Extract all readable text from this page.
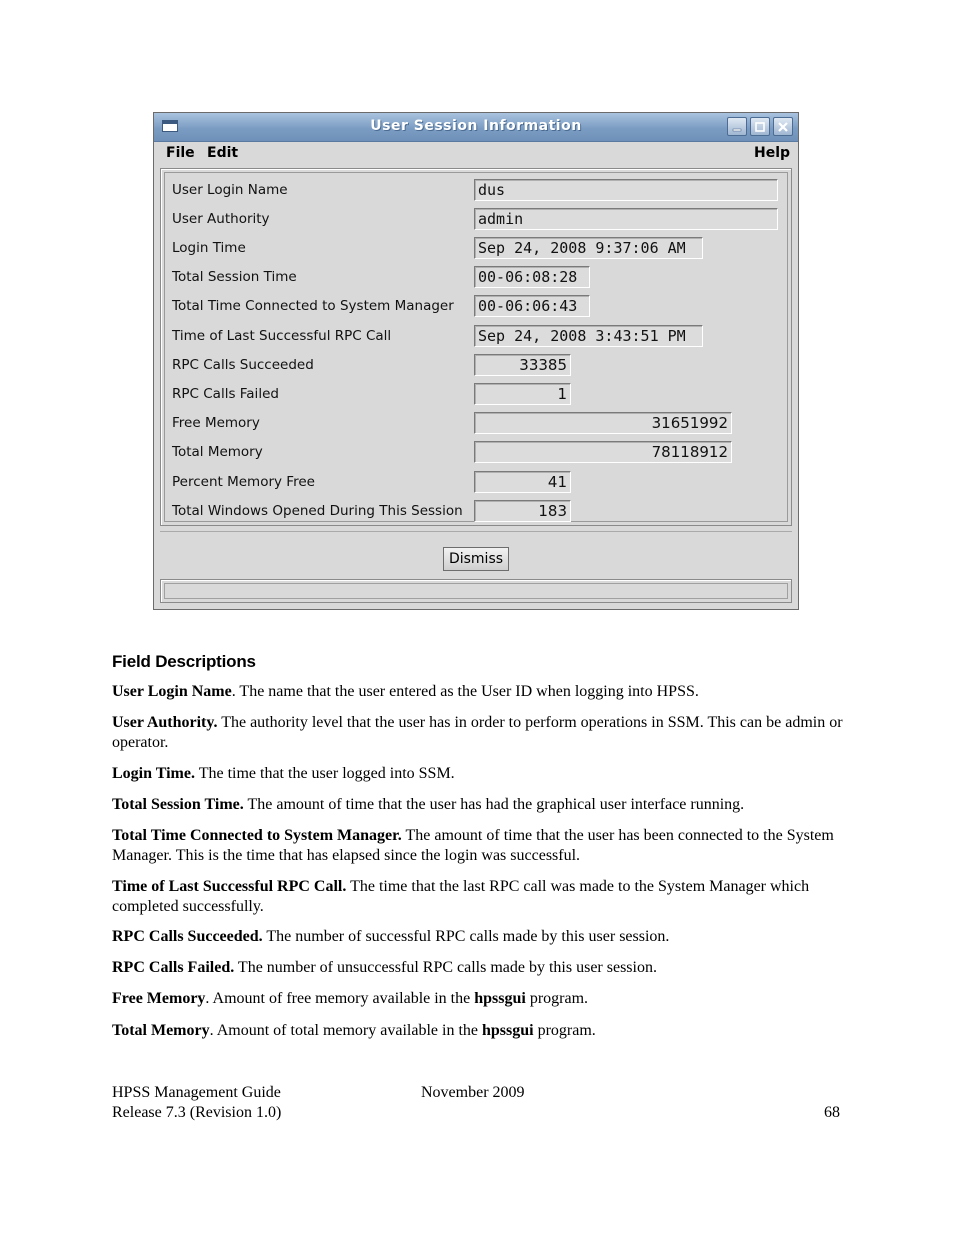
User Session Information
File Edit	Help
User Login Name	dus
User Authority	admin
Login Time	Sep 24, 2008 9:37:06 AM
Total Session Time	00-06:08:28
Total Time Connected to System Manager 00-06:06:43
Time of Last Successful RPC Call	Sep 24, 2008 3:43:51 PM
RPC Calls Succeeded	33385
RPC Calls Failed	1
Free Memory	31651992
Total Memory	78118912
Percent Memory Free	41
Total Windows Opened During This Session	183
Dismiss
Field Descriptions

User Login Name. The name that the user entered as the User ID when logging into HPSS.

User Authority. The authority level that the user has in order to perform operations in SSM. This can be admin or operator.

Login Time. The time that the user logged into SSM.

Total Session Time. The amount of time that the user has had the graphical user interface running.

Total Time Connected to System Manager. The amount of time that the user has been connected to the System Manager. This is the time that has elapsed since the login was successful.

Time of Last Successful RPC Call. The time that the last RPC call was made to the System Manager which completed successfully.

RPC Calls Succeeded. The number of successful RPC calls made by this user session.

RPC Calls Failed. The number of unsuccessful RPC calls made by this user session.

Free Memory. Amount of free memory available in the hpssgui program.

Total Memory. Amount of total memory available in the hpssgui program.

HPSS Management Guide
Release 7.3 (Revision 1.0)
November 2009
68
